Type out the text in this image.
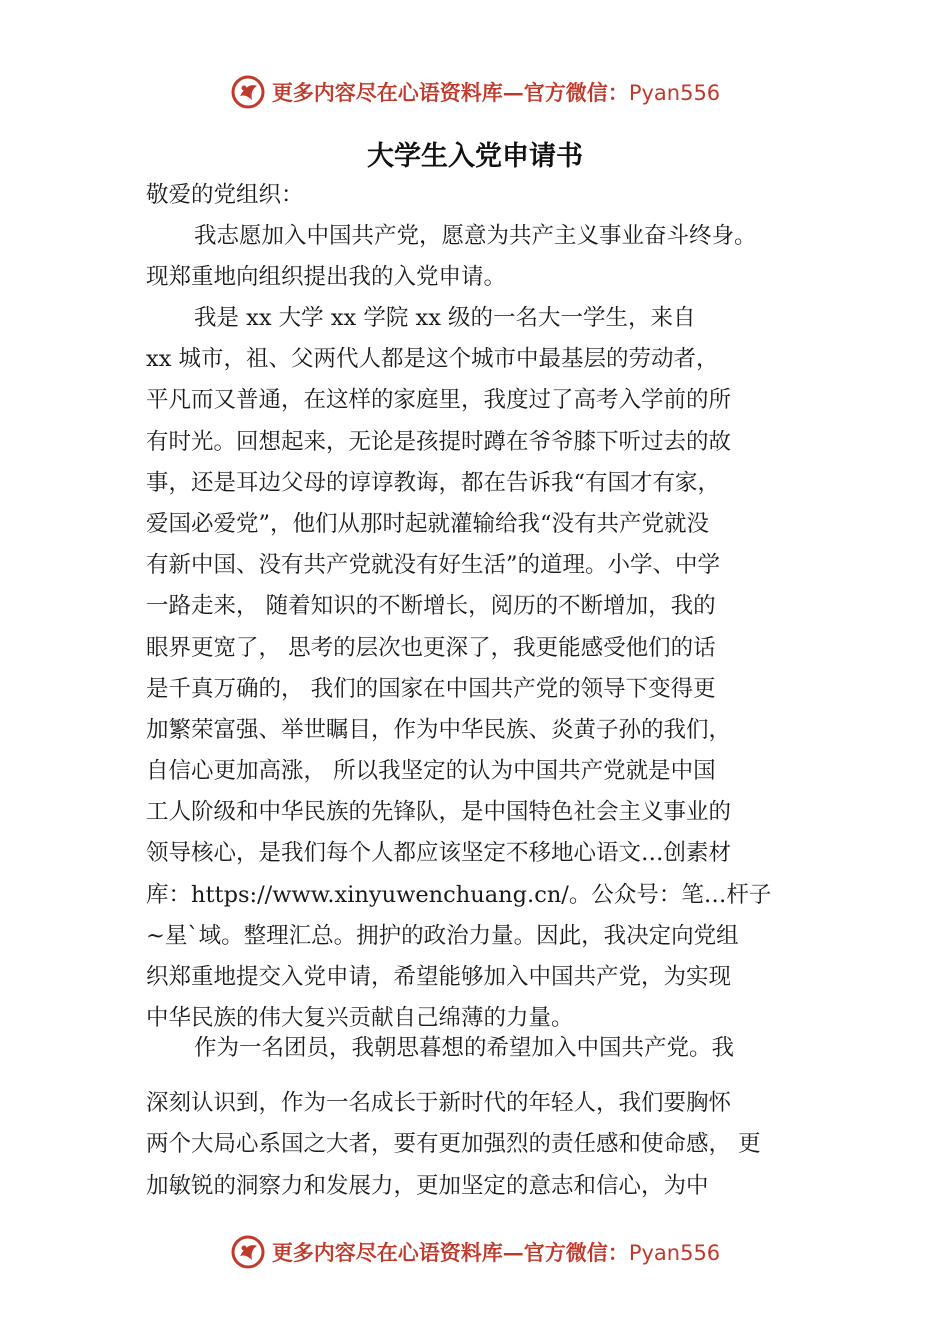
更多内容尽在心语资料库—官方微信：Pyan556
大学生入党申请书
敬爱的党组织：
我志愿加入中国共产党，愿意为共产主义事业奋斗终身。
现郑重地向组织提出我的入党申请。
我是 xx 大学 xx 学院 xx 级的一名大一学生，来自
xx 城市，祖、父两代人都是这个城市中最基层的劳动者，
平凡而又普通，在这样的家庭里，我度过了高考入学前的所
有时光。回想起来，无论是孩提时蹲在爷爷膝下听过去的故
事，还是耳边父母的谆谆教诲，都在告诉我“有国才有家，
爱国必爱党”，他们从那时起就灌输给我“没有共产党就没
有新中国、没有共产党就没有好生活”的道理。小学、中学
一路走来， 随着知识的不断增长，阅历的不断增加，我的
眼界更宽了， 思考的层次也更深了，我更能感受他们的话
是千真万确的， 我们的国家在中国共产党的领导下变得更
加繁荣富强、举世瞩目，作为中华民族、炎黄子孙的我们，
自信心更加高涨， 所以我坚定的认为中国共产党就是中国
工人阶级和中华民族的先锋队，是中国特色社会主义事业的
领导核心，是我们每个人都应该坚定不移地心语文…创素材
库：https://www.xinyuwenchuang.cn/。公众号：笔…杆子
~星`域。整理汇总。拥护的政治力量。因此，我决定向党组
织郑重地提交入党申请，希望能够加入中国共产党，为实现
中华民族的伟大复兴贡献自己绵薄的力量。
作为一名团员，我朝思暮想的希望加入中国共产党。我
深刻认识到，作为一名成长于新时代的年轻人，我们要胸怀
两个大局心系国之大者，要有更加强烈的责任感和使命感， 更
加敏锐的洞察力和发展力，更加坚定的意志和信心，为中
更多内容尽在心语资料库—官方微信：Pyan556
